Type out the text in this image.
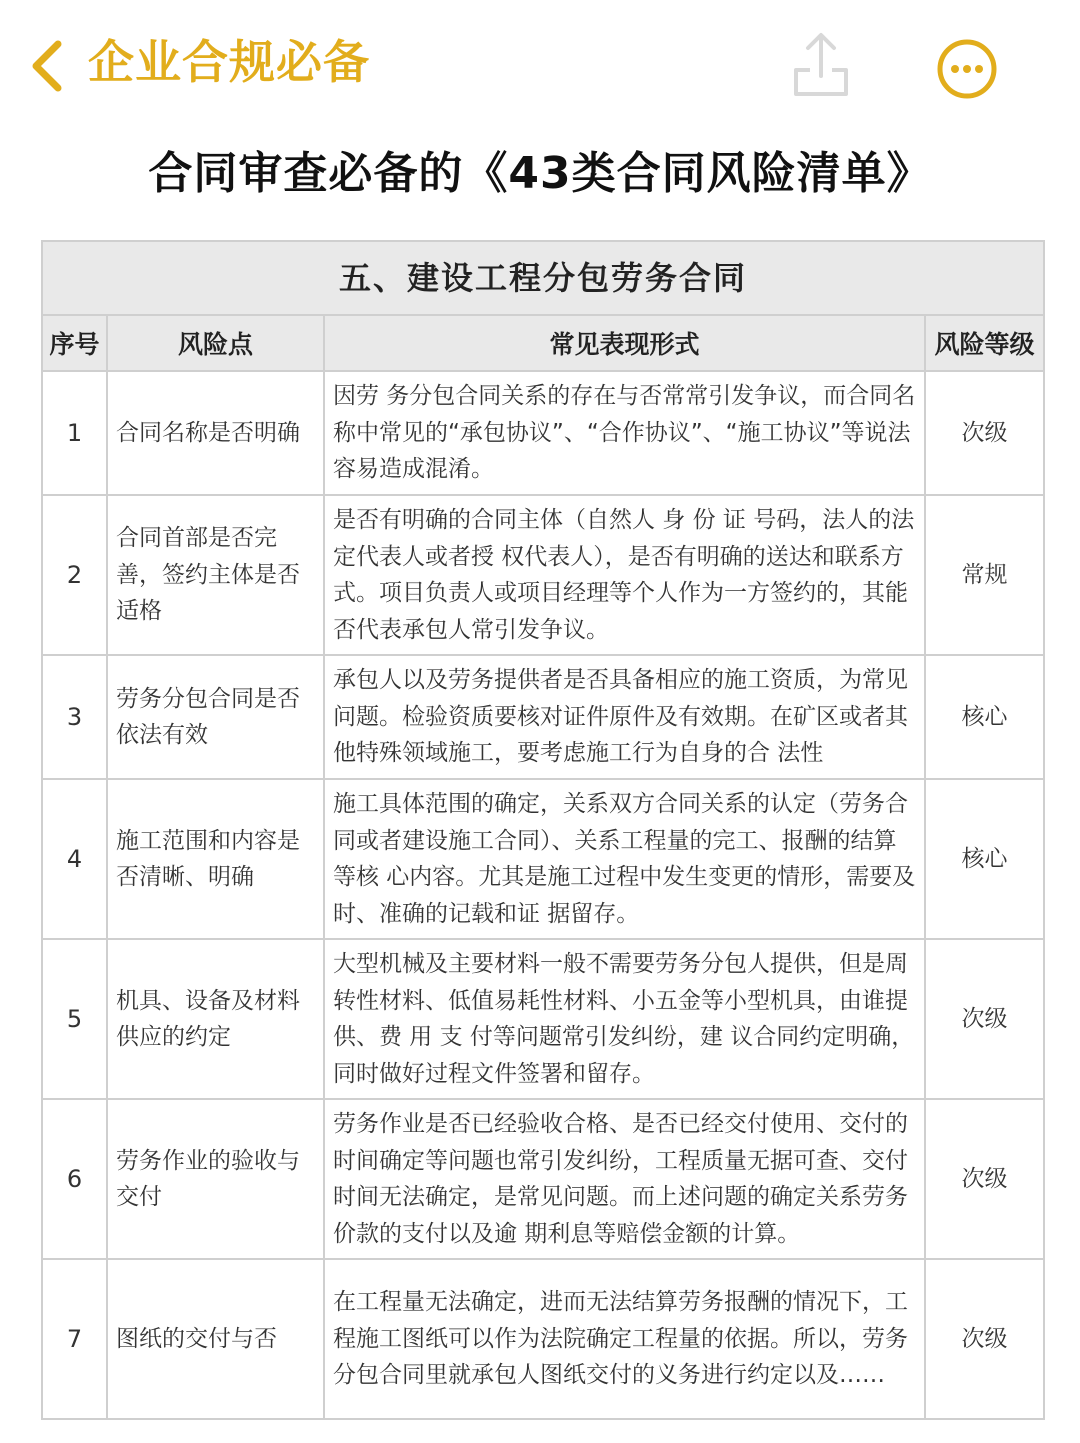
企业合规必备
合同审查必备的《43类合同风险清单》
五、建设工程分包劳务合同			
序号	风险点	常见表现形式	风险等级
1	合同名称是否明确	因劳 务分包合同关系的存在与否常常引发争议，而合同名称中常见的“承包协议”、“合作协议”、“施工协议”等说法容易造成混淆。	次级
2	合同首部是否完善，签约主体是否适格	是否有明确的合同主体（自然人 身 份 证 号码，法人的法定代表人或者授 权代表人），是否有明确的送达和联系方式。项目负责人或项目经理等个人作为一方签约的，其能否代表承包人常引发争议。	常规
3	劳务分包合同是否依法有效	承包人以及劳务提供者是否具备相应的施工资质，为常见问题。检验资质要核对证件原件及有效期。在矿区或者其他特殊领域施工，要考虑施工行为自身的合 法性	核心
4	施工范围和内容是否清晰、明确	施工具体范围的确定，关系双方合同关系的认定（劳务合同或者建设施工合同）、关系工程量的完工、报酬的结算等核 心内容。尤其是施工过程中发生变更的情形，需要及时、准确的记载和证 据留存。	核心
5	机具、设备及材料供应的约定	大型机械及主要材料一般不需要劳务分包人提供，但是周转性材料、低值易耗性材料、小五金等小型机具，由谁提供、费 用 支 付等问题常引发纠纷，建 议合同约定明确，同时做好过程文件签署和留存。	次级
6	劳务作业的验收与交付	劳务作业是否已经验收合格、是否已经交付使用、交付的时间确定等问题也常引发纠纷，工程质量无据可查、交付时间无法确定，是常见问题。而上述问题的确定关系劳务价款的支付以及逾 期利息等赔偿金额的计算。	次级
7	图纸的交付与否	在工程量无法确定，进而无法结算劳务报酬的情况下，工程施工图纸可以作为法院确定工程量的依据。所以，劳务分包合同里就承包人图纸交付的义务进行约定以及……	次级
